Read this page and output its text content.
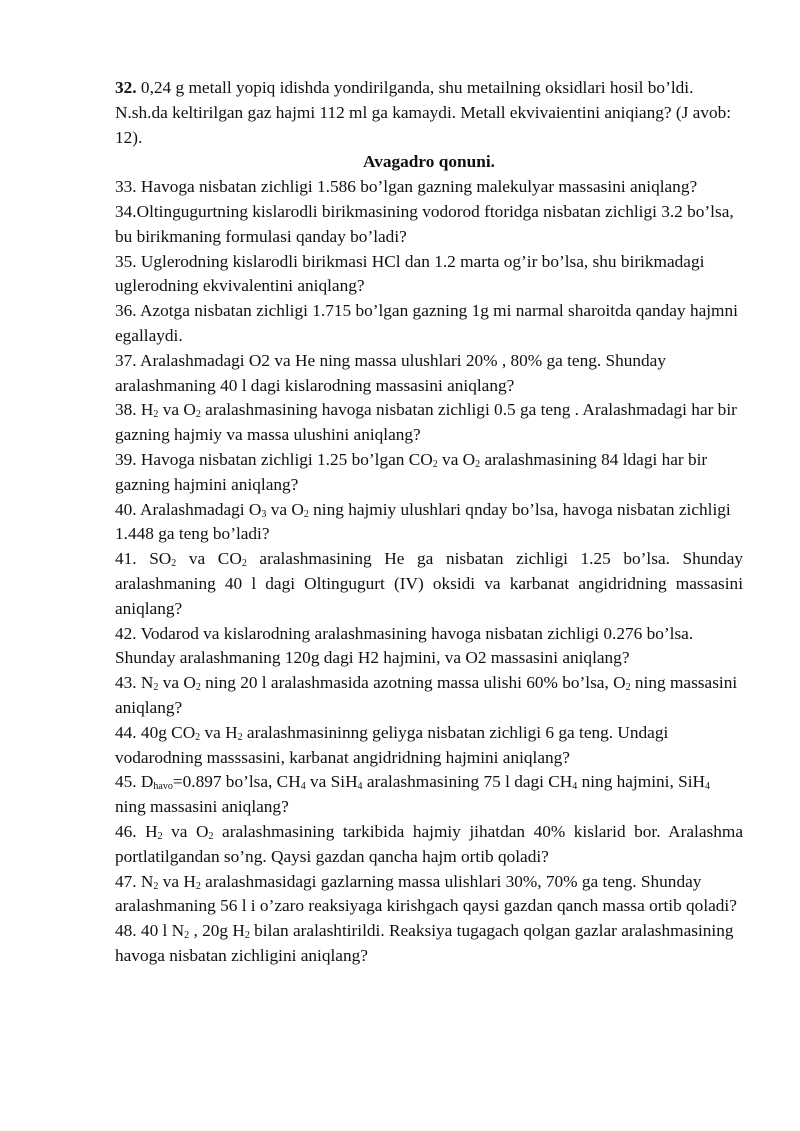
32. 0,24 g metall yopiq idishda yondirilganda, shu metailning oksidlari hosil bo’ldi. N.sh.da keltirilgan gaz hajmi 112 ml ga kamaydi. Metall ekvivaientini aniqiang? (J avob: 12).

Avagadro qonuni.

33. Havoga nisbatan zichligi 1.586 bo’lgan gazning malekulyar massasini aniqlang?

34.Oltingugurtning kislarodli birikmasining vodorod ftoridga nisbatan zichligi 3.2 bo’lsa, bu birikmaning formulasi qanday bo’ladi?

35. Uglerodning kislarodli birikmasi HCl dan 1.2 marta og’ir bo’lsa, shu birikmadagi uglerodning ekvivalentini aniqlang?

36. Azotga nisbatan zichligi 1.715 bo’lgan gazning 1g mi narmal sharoitda qanday hajmni egallaydi.

37. Aralashmadagi O2 va He ning massa ulushlari 20% , 80% ga teng. Shunday aralashmaning 40 l dagi kislarodning massasini aniqlang?

38. $H_2$ va $O_2$ aralashmasining havoga nisbatan zichligi 0.5 ga teng . Aralashmadagi har bir gazning hajmiy va massa ulushini aniqlang?

39. Havoga nisbatan zichligi 1.25 bo’lgan $CO_2$ va $O_2$ aralashmasining 84 ldagi har bir gazning hajmini aniqlang?

40. Aralashmadagi $O_3$ va $O_2$ ning hajmiy ulushlari qnday bo’lsa, havoga nisbatan zichligi 1.448 ga teng bo’ladi?

41. $SO_2$ va $CO_2$ aralashmasining He ga nisbatan zichligi 1.25 bo’lsa. Shunday aralashmaning 40 l dagi Oltingugurt (IV) oksidi va karbanat angidridning massasini aniqlang?

42. Vodarod va kislarodning aralashmasining havoga nisbatan zichligi 0.276 bo’lsa. Shunday aralashmaning 120g dagi H2 hajmini, va O2 massasini aniqlang?

43. $N_2$ va $O_2$ ning 20 l aralashmasida azotning massa ulishi 60% bo’lsa, $O_2$ ning massasini aniqlang?

44. 40g $CO_2$ va $H_2$ aralashmasininng geliyga nisbatan zichligi 6 ga teng. Undagi vodarodning masssasini, karbanat angidridning hajmini aniqlang?

45. $D_{havo}=0.897$ bo’lsa, $CH_4$ va SiH$_4$ aralashmasining 75 l dagi $CH_4$ ning hajmini, SiH$_4$ ning massasini aniqlang?

46. $H_2$ va $O_2$ aralashmasining tarkibida hajmiy jihatdan 40% kislarid bor. Aralashma portlatilgandan so’ng. Qaysi gazdan qancha hajm ortib qoladi?

47. $N_2$ va $H_2$ aralashmasidagi gazlarning massa ulishlari 30%, 70% ga teng. Shunday aralashmaning 56 l i o’zaro reaksiyaga kirishgach qaysi gazdan qanch massa ortib qoladi?

48. 40 l $N_2$ , 20g $H_2$ bilan aralashtirildi. Reaksiya tugagach qolgan gazlar aralashmasining havoga nisbatan zichligini aniqlang?
